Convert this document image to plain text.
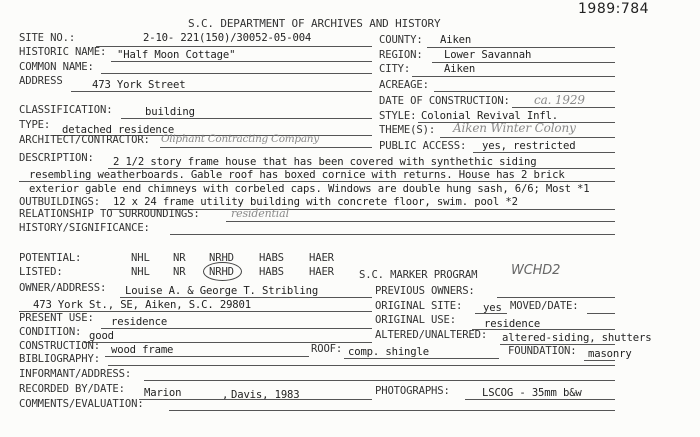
1989:784
S.C. DEPARTMENT OF ARCHIVES AND HISTORY
SITE NO.:	2-10- 221(150)/30052-05-004	COUNTY: Aiken
HISTORIC NAME: "Half Moon Cottage"	REGION: Lower Savannah
COMMON NAME:	CITY:	Aiken
ADDRESS	473 York Street	ACREAGE:
DATE OF CONSTRUCTION: ca. 1929
CLASSIFICATION:	building	STYLE: Colonial Revival Infl.
TYPE: detached residence	THEME(S): Aiken Winter Colony
ARCHITECT/CONTRACTOR: Oliphant Contracting Company
PUBLIC ACCESS: yes, restricted
DESCRIPTION: 2 1/2 story frame house that has been covered with synthethic siding
resembling weatherboards. Gable roof has boxed cornice with returns. House has 2 brick
exterior gable end chimneys with corbeled caps. Windows are double hung sash, 6/6; Most *1
OUTBUILDINGS: 12 x 24 frame utility building with concrete floor, swim. pool *2
RELATIONSHIP TO SURROUNDINGS:	residential
HISTORY/SIGNIFICANCE:
POTENTIAL:	NHL NR NRHD HABS HAER
LISTED:	NHL NR NRHD HABS HAER S.C. MARKER PROGRAM	WCHD2
OWNER/ADDRESS: Louise A. & George T. Stribling
473 York St., SE, Aiken, S.C. 29801
PREVIOUS OWNERS:
ORIGINAL SITE: yes MOVED/DATE:
PRESENT USE: residence	ORIGINAL USE:	residence
CONDITION: good	ALTERED/UNALTERED: altered-siding, shutters
CONSTRUCTION: wood frame	ROOF: comp. shingle	FOUNDATION: masonry
BIBLIOGRAPHY:
INFORMANT/ADDRESS:
RECORDED BY/DATE: Marion	, Davis, 1983	PHOTOGRAPHS:	LSCOG - 35mm b&w
COMMENTS/EVALUATION:
